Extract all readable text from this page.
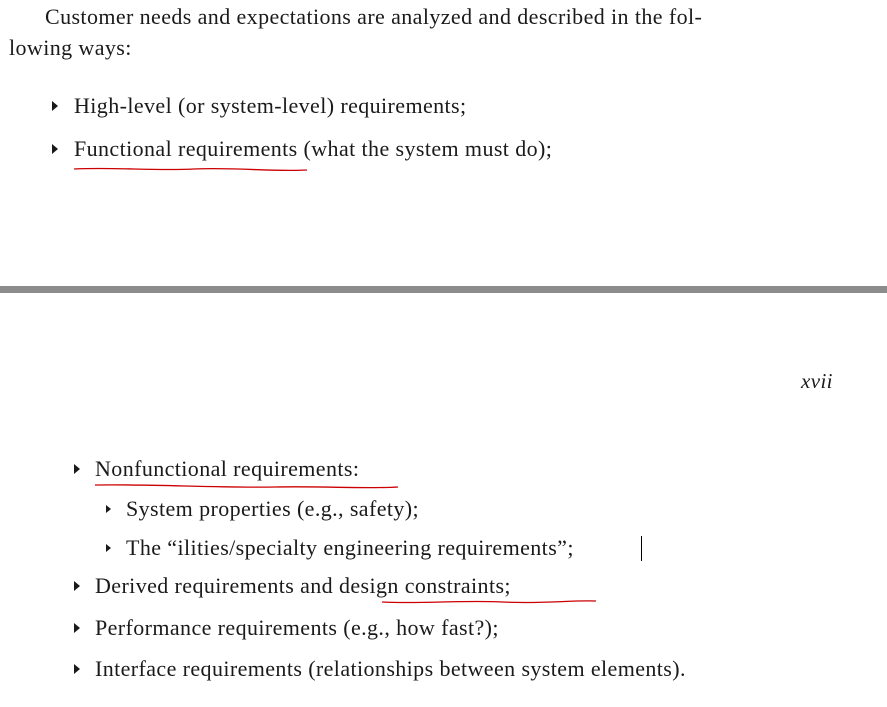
Customer needs and expectations are analyzed and described in the fol-
lowing ways:
High-level (or system-level) requirements;
Functional requirements (what the system must do);
xvii
Nonfunctional requirements:
System properties (e.g., safety);
The “ilities/specialty engineering requirements”;
Derived requirements and design constraints;
Performance requirements (e.g., how fast?);
Interface requirements (relationships between system elements).
